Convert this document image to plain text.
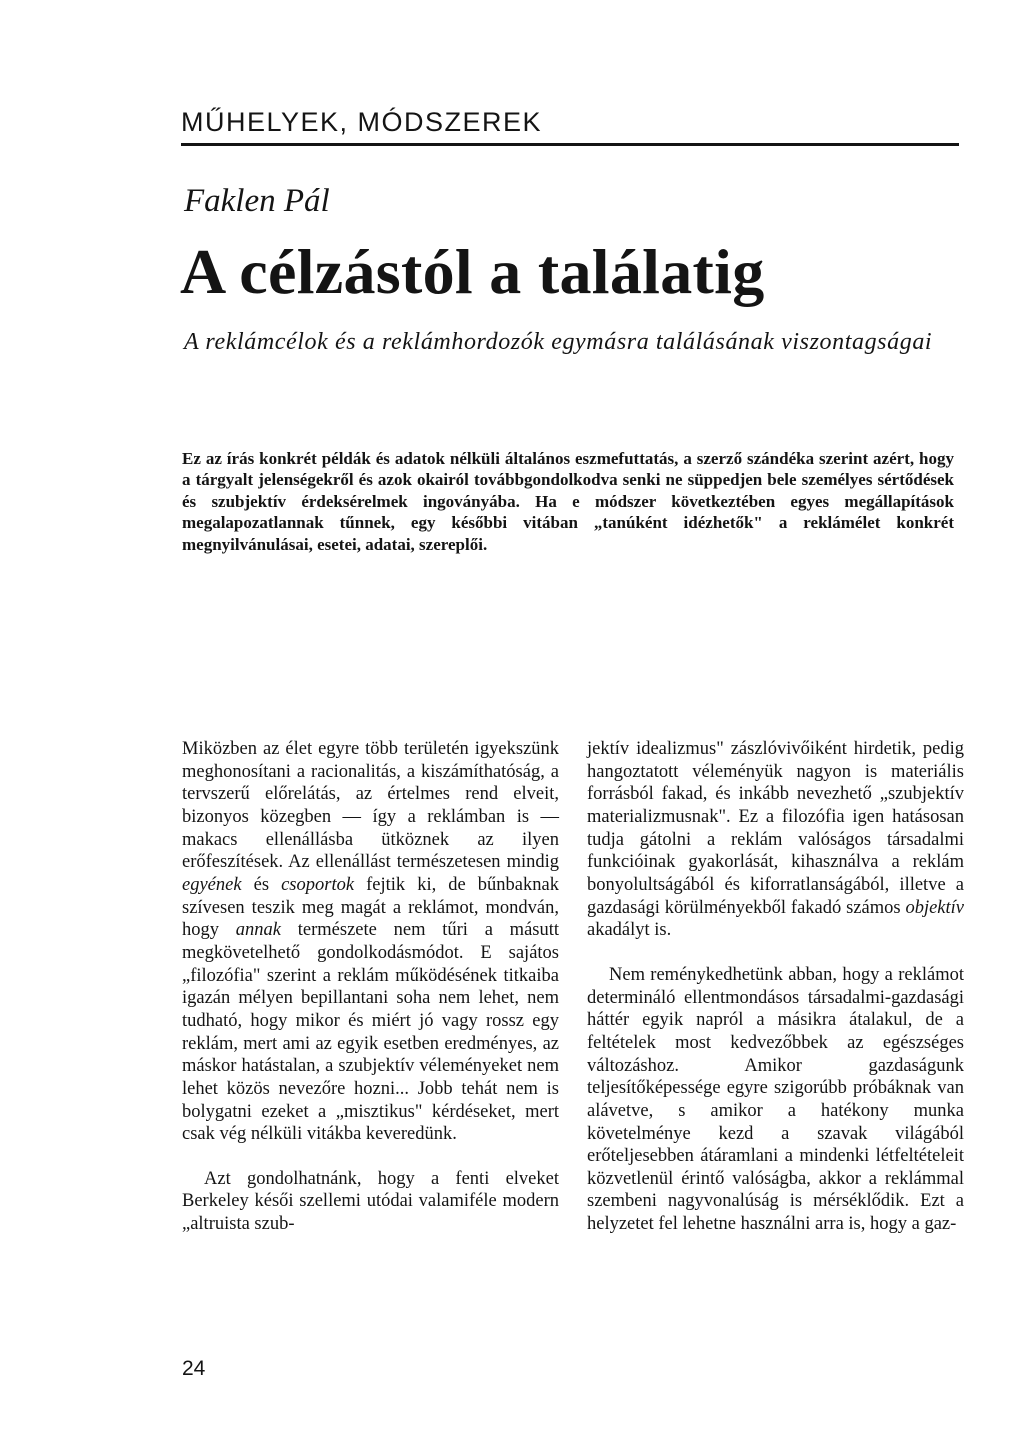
MŰHELYEK, MÓDSZEREK
Faklen Pál
A célzástól a találatig
A reklámcélok és a reklámhordozók egymásra találásának viszontagságai

Ez az írás konkrét példák és adatok nélküli általános eszmefuttatás, a szerző szándéka szerint azért, hogy a tárgyalt jelenségekről és azok okairól továbbgondolkodva senki ne süppedjen bele személyes sértődések és szubjektív érdeksérelmek ingoványába. Ha e módszer következtében egyes megállapítások megalapozatlannak tűnnek, egy későbbi vitában „tanúként idézhetők" a reklámélet konkrét megnyilvánulásai, esetei, adatai, szereplői.

Miközben az élet egyre több területén igyekszünk meghonosítani a racionalitás, a kiszámíthatóság, a tervszerű előrelátás, az értelmes rend elveit, bizonyos közegben — így a reklámban is — makacs ellenállásba ütköznek az ilyen erőfeszítések. Az ellenállást természetesen mindig egyének és csoportok fejtik ki, de bűnbaknak szívesen teszik meg magát a reklámot, mondván, hogy annak természete nem tűri a másutt megkövetelhető gondolkodásmódot. E sajátos „filozófia" szerint a reklám működésének titkaiba igazán mélyen bepillantani soha nem lehet, nem tudható, hogy mikor és miért jó vagy rossz egy reklám, mert ami az egyik esetben eredményes, az máskor hatástalan, a szubjektív véleményeket nem lehet közös nevezőre hozni... Jobb tehát nem is bolygatni ezeket a „misztikus" kérdéseket, mert csak vég nélküli vitákba keveredünk.

Azt gondolhatnánk, hogy a fenti elveket Berkeley késői szellemi utódai valamiféle modern „altruista szub-

jektív idealizmus" zászlóvivőiként hirdetik, pedig hangoztatott véleményük nagyon is materiális forrásból fakad, és inkább nevezhető „szubjektív materializmusnak". Ez a filozófia igen hatásosan tudja gátolni a reklám valóságos társadalmi funkcióinak gyakorlását, kihasználva a reklám bonyolultságából és kiforratlanságából, illetve a gazdasági körülményekből fakadó számos objektív akadályt is.

Nem reménykedhetünk abban, hogy a reklámot determináló ellentmondásos társadalmi-gazdasági háttér egyik napról a másikra átalakul, de a feltételek most kedvezőbbek az egészséges változáshoz. Amikor gazdaságunk teljesítőképessége egyre szigorúbb próbáknak van alávetve, s amikor a hatékony munka követelménye kezd a szavak világából erőteljesebben átáramlani a mindenki létfeltételeit közvetlenül érintő valóságba, akkor a reklámmal szembeni nagyvonalúság is mérséklődik. Ezt a helyzetet fel lehetne használni arra is, hogy a gaz-

24
